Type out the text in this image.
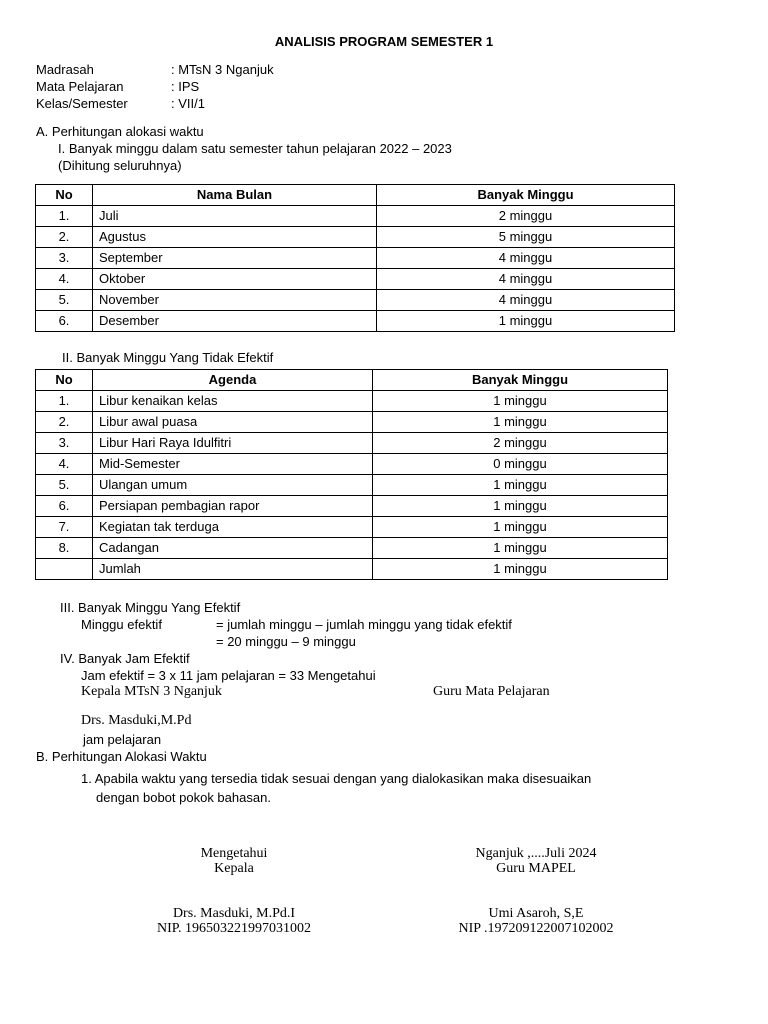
ANALISIS PROGRAM SEMESTER 1
Madrasah	: MTsN 3 Nganjuk
Mata Pelajaran	: IPS
Kelas/Semester	: VII/1
A. Perhitungan alokasi waktu
I. Banyak minggu dalam satu semester tahun pelajaran 2022 – 2023
(Dihitung seluruhnya)
No	Nama Bulan	Banyak Minggu
1.	Juli	2 minggu
2.	Agustus	5 minggu
3.	September	4 minggu
4.	Oktober	4 minggu
5.	November	4 minggu
6.	Desember	1 minggu
II. Banyak Minggu Yang Tidak Efektif
No	Agenda	Banyak Minggu
1.	Libur kenaikan kelas	1 minggu
2.	Libur awal puasa	1 minggu
3.	Libur Hari Raya Idulfitri	2 minggu
4.	Mid-Semester	0 minggu
5.	Ulangan umum	1 minggu
6.	Persiapan pembagian rapor	1 minggu
7.	Kegiatan tak terduga	1 minggu
8.	Cadangan	1 minggu
	Jumlah	1 minggu
III. Banyak Minggu Yang Efektif
Minggu efektif	= jumlah minggu – jumlah minggu yang tidak efektif
= 20 minggu – 9 minggu
IV. Banyak Jam Efektif
Jam efektif = 3 x 11 jam pelajaran = 33 Mengetahui
Kepala MTsN 3 Nganjuk	Guru Mata Pelajaran
Drs. Masduki,M.Pd
jam pelajaran
B. Perhitungan Alokasi Waktu
1. Apabila waktu yang tersedia tidak sesuai dengan yang dialokasikan maka disesuaikan
dengan bobot pokok bahasan.
Mengetahui
Kepala
Drs. Masduki, M.Pd.I
NIP. 196503221997031002
Nganjuk ,....Juli 2024
Guru MAPEL
Umi Asaroh, S,E
NIP .197209122007102002
